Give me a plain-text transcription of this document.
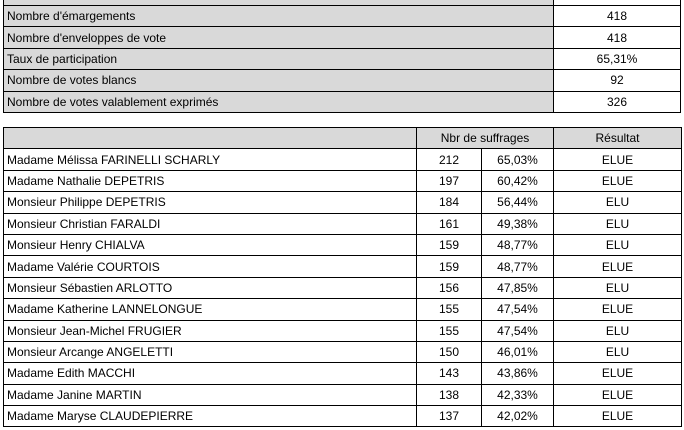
Nombre d'émargements	418
Nombre d'enveloppes de vote	418
Taux de participation	65,31%
Nombre de votes blancs	92
Nombre de votes valablement exprimés	326
	Nbr de suffrages		Résultat
Madame Mélissa FARINELLI SCHARLY	212	65,03%	ELUE
Madame Nathalie DEPETRIS	197	60,42%	ELUE
Monsieur Philippe DEPETRIS	184	56,44%	ELU
Monsieur Christian FARALDI	161	49,38%	ELU
Monsieur Henry CHIALVA	159	48,77%	ELU
Madame Valérie COURTOIS	159	48,77%	ELUE
Monsieur Sébastien ARLOTTO	156	47,85%	ELU
Madame Katherine LANNELONGUE	155	47,54%	ELUE
Monsieur Jean-Michel FRUGIER	155	47,54%	ELU
Monsieur Arcange ANGELETTI	150	46,01%	ELU
Madame Edith MACCHI	143	43,86%	ELUE
Madame Janine MARTIN	138	42,33%	ELUE
Madame Maryse CLAUDEPIERRE	137	42,02%	ELUE
